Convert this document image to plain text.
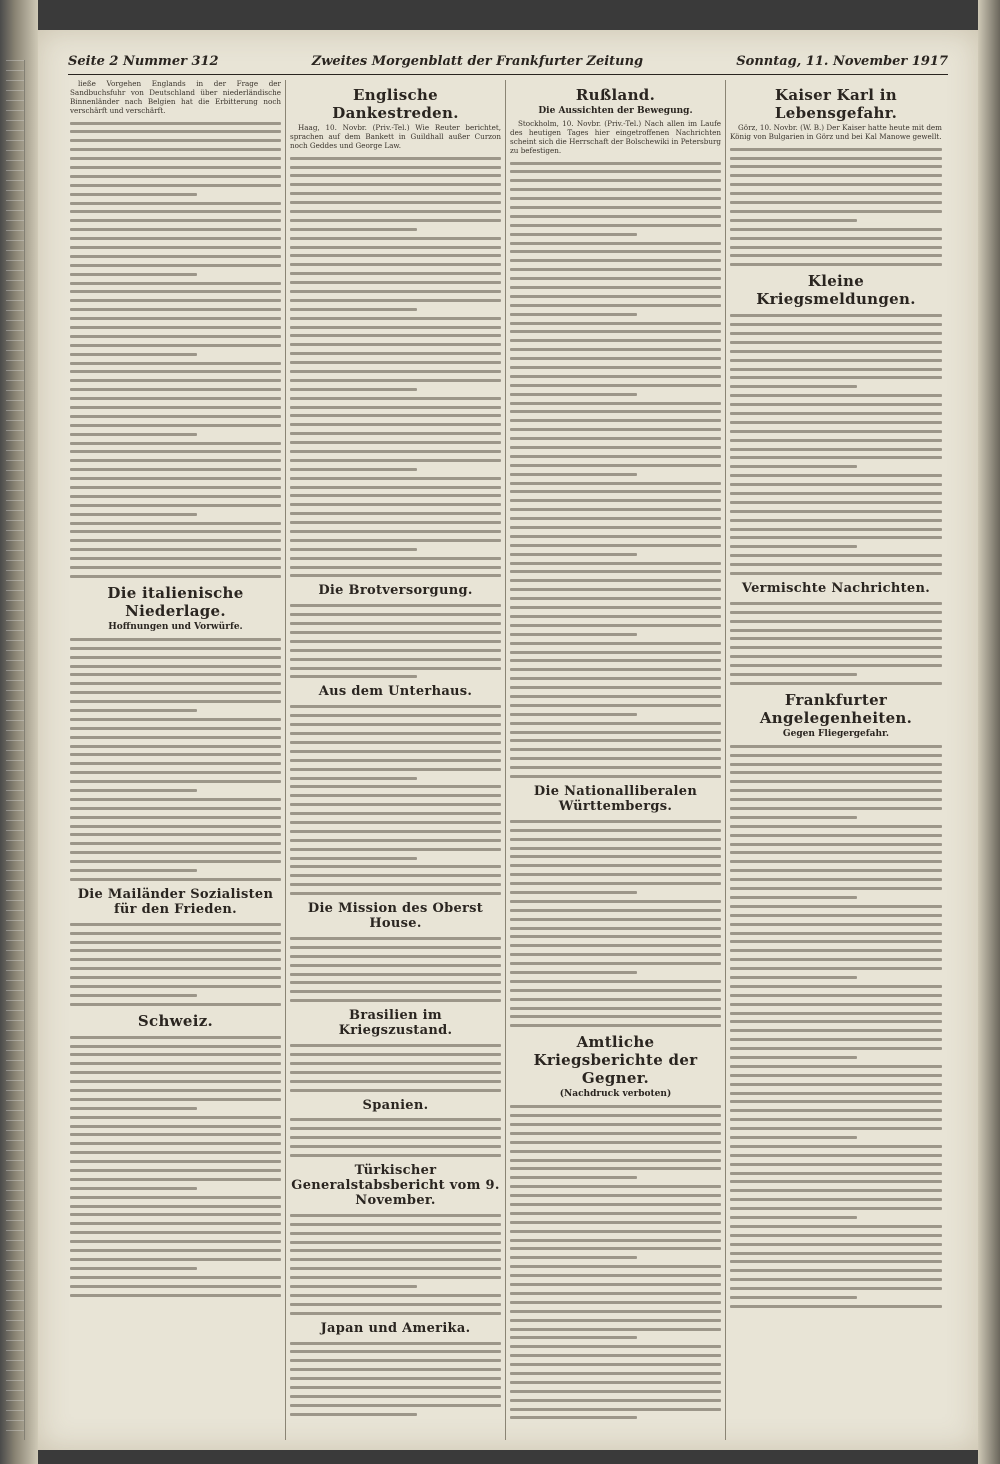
Seite 2 Nummer 312	Zweites Morgenblatt der Frankfurter Zeitung	Sonntag, 11. November 1917

ließe Vorgehen Englands in der Frage der Sandbuchsfuhr von Deutschland über niederländische Binnenländer nach Belgien hat die Erbitterung noch verschärft und verschärft.

Die italienische Niederlage.
Hoffnungen und Vorwürfe.
Die Mailänder Sozialisten für den Frieden.
Schweiz.
Englische Dankestreden.

Haag, 10. Novbr. (Priv.-Tel.) Wie Reuter berichtet, sprachen auf dem Bankett in Guildhall außer Curzon noch Geddes und George Law.

Die Brotversorgung.
Aus dem Unterhaus.
Die Mission des Oberst House.
Brasilien im Kriegszustand.
Spanien.
Türkischer Generalstabsbericht vom 9. November.
Japan und Amerika.
Rußland.
Die Aussichten der Bewegung.

Stockholm, 10. Novbr. (Priv.-Tel.) Nach allen im Laufe des heutigen Tages hier eingetroffenen Nachrichten scheint sich die Herrschaft der Bolschewiki in Petersburg zu befestigen.

Die Nationalliberalen Württembergs.
Amtliche Kriegsberichte der Gegner.
(Nachdruck verboten)
Kaiser Karl in Lebensgefahr.

Görz, 10. Novbr. (W. B.) Der Kaiser hatte heute mit dem König von Bulgarien in Görz und bei Kal Manowe gewellt.

Kleine Kriegsmeldungen.
Vermischte Nachrichten.
Frankfurter Angelegenheiten.
Gegen Fliegergefahr.
